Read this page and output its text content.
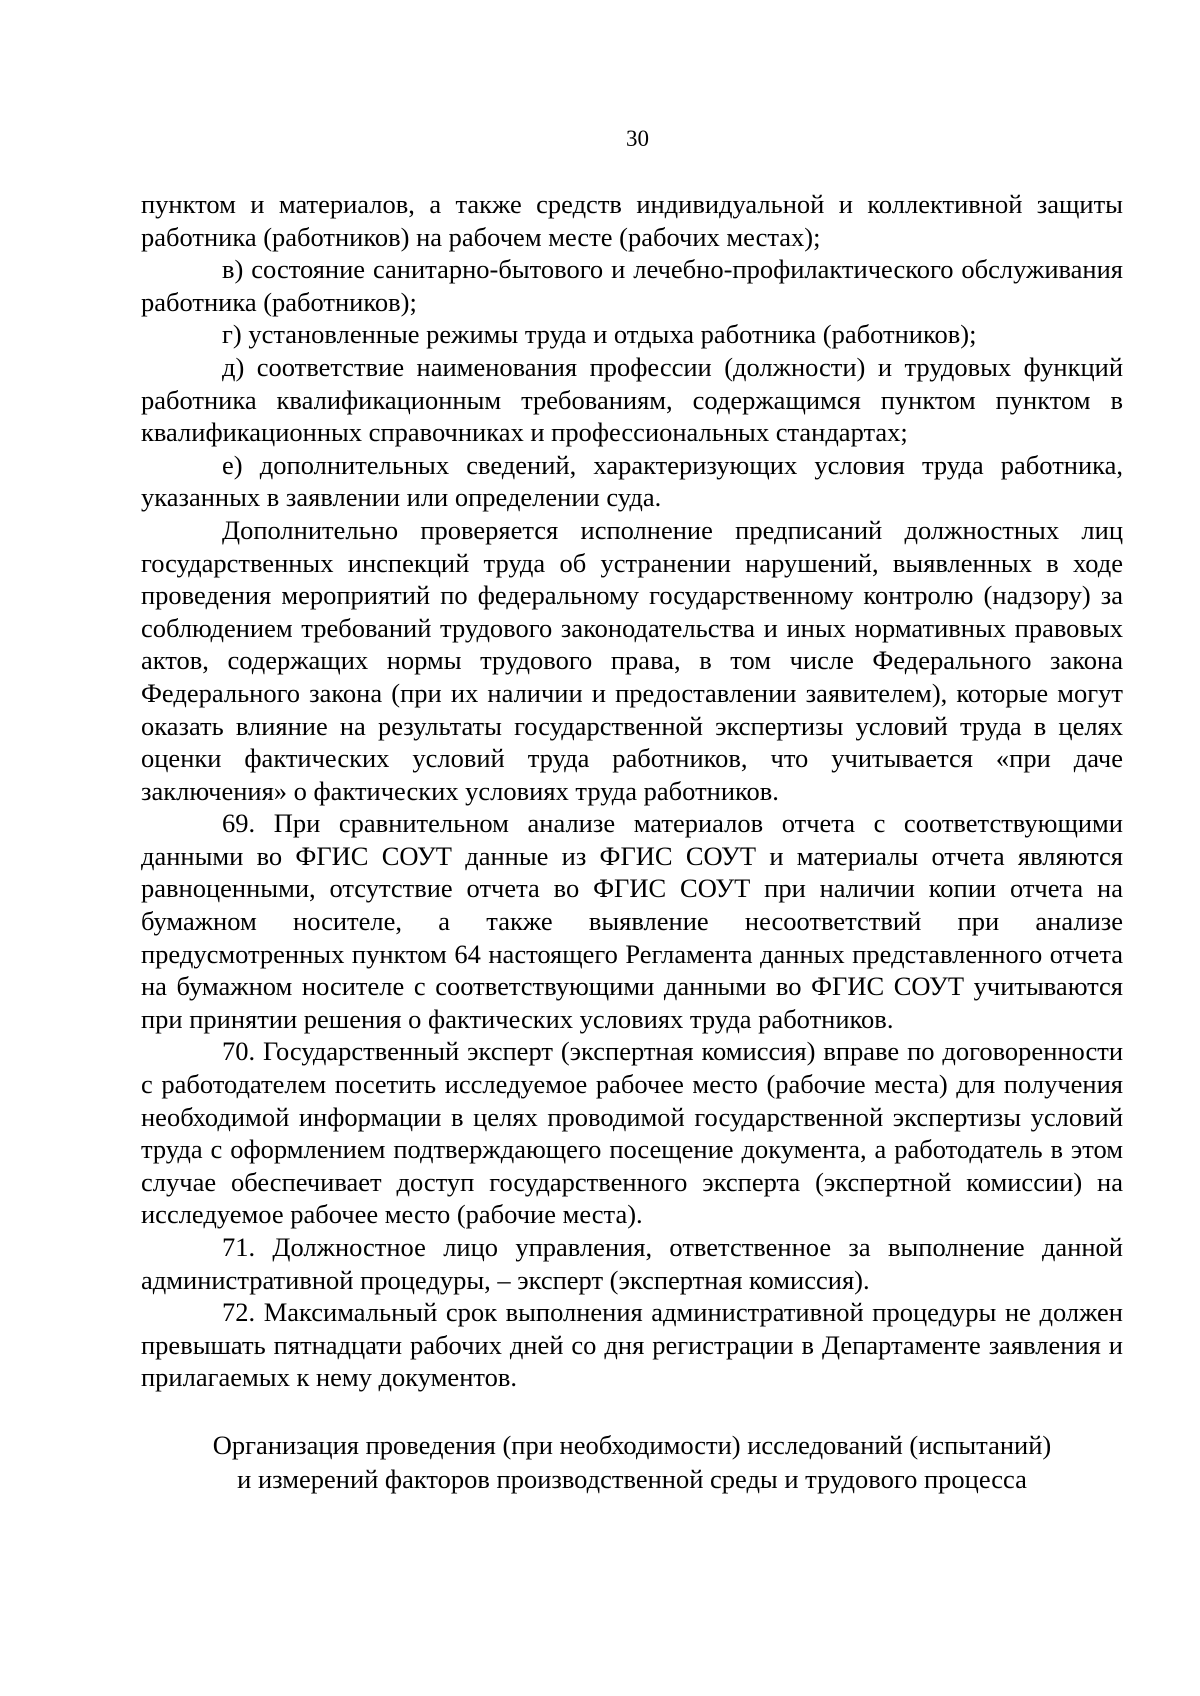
30

пунктом и материалов, а также средств индивидуальной и коллективной защиты работника (работников) на рабочем месте (рабочих местах);

в) состояние санитарно-бытового и лечебно-профилактического обслуживания работника (работников);

г) установленные режимы труда и отдыха работника (работников);

д) соответствие наименования профессии (должности) и трудовых функций работника квалификационным требованиям, содержащимся пунктом пунктом в квалификационных справочниках и профессиональных стандартах;

е) дополнительных сведений, характеризующих условия труда работника, указанных в заявлении или определении суда.

Дополнительно проверяется исполнение предписаний должностных лиц государственных инспекций труда об устранении нарушений, выявленных в ходе проведения мероприятий по федеральному государственному контролю (надзору) за соблюдением требований трудового законодательства и иных нормативных правовых актов, содержащих нормы трудового права, в том числе Федерального закона Федерального закона (при их наличии и предоставлении заявителем), которые могут оказать влияние на результаты государственной экспертизы условий труда в целях оценки фактических условий труда работников, что учитывается «при даче заключения» о фактических условиях труда работников.

69. При сравнительном анализе материалов отчета с соответствующими данными во ФГИС СОУТ данные из ФГИС СОУТ и материалы отчета являются равноценными, отсутствие отчета во ФГИС СОУТ при наличии копии отчета на бумажном носителе, а также выявление несоответствий при анализе предусмотренных пунктом 64 настоящего Регламента данных представленного отчета на бумажном носителе с соответствующими данными во ФГИС СОУТ учитываются при принятии решения о фактических условиях труда работников.

70. Государственный эксперт (экспертная комиссия) вправе по договоренности с работодателем посетить исследуемое рабочее место (рабочие места) для получения необходимой информации в целях проводимой государственной экспертизы условий труда с оформлением подтверждающего посещение документа, а работодатель в этом случае обеспечивает доступ государственного эксперта (экспертной комиссии) на исследуемое рабочее место (рабочие места).

71. Должностное лицо управления, ответственное за выполнение данной административной процедуры, – эксперт (экспертная комиссия).

72. Максимальный срок выполнения административной процедуры не должен превышать пятнадцати рабочих дней со дня регистрации в Департаменте заявления и прилагаемых к нему документов.

Организация проведения (при необходимости) исследований (испытаний)
и измерений факторов производственной среды и трудового процесса
